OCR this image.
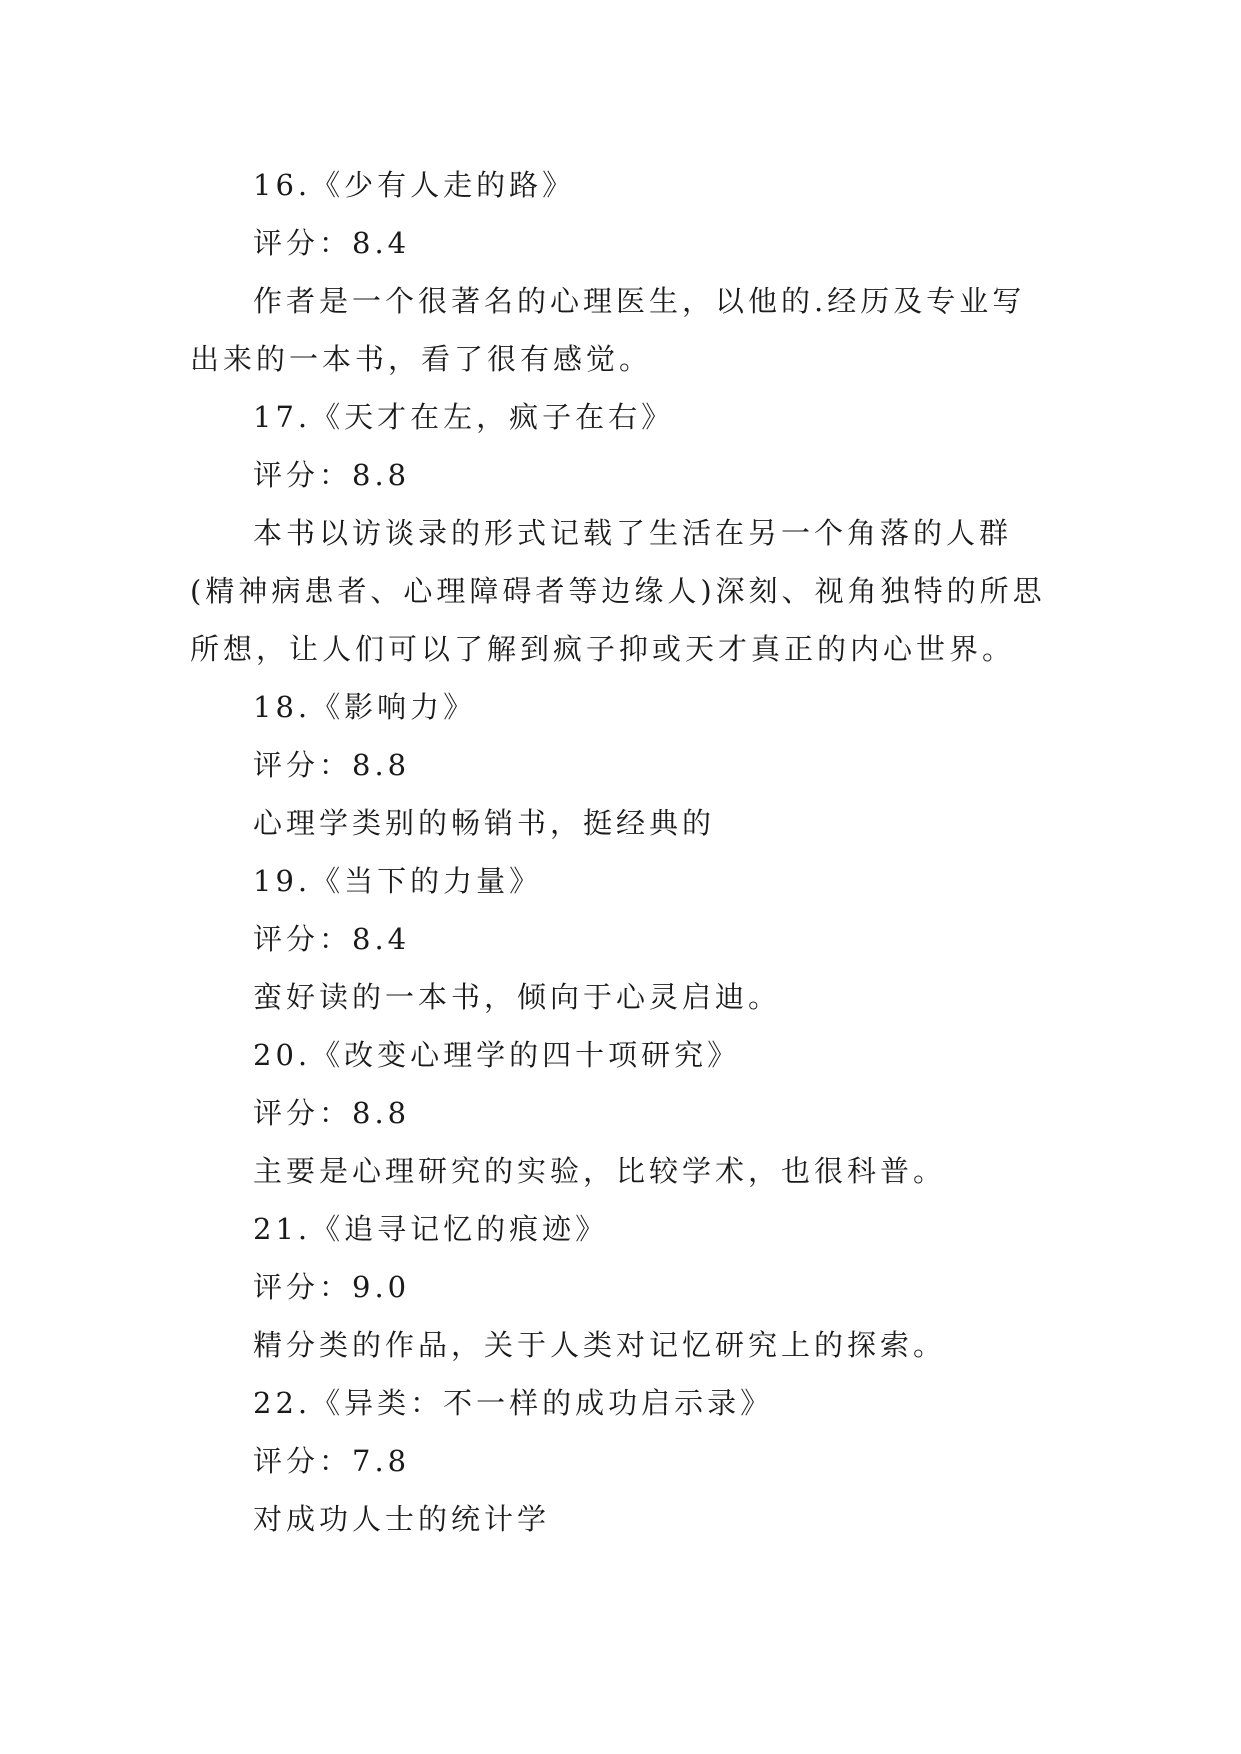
16.《少有人走的路》
评分：8.4
作者是一个很著名的心理医生，以他的.经历及专业写
出来的一本书，看了很有感觉。
17.《天才在左，疯子在右》
评分：8.8
本书以访谈录的形式记载了生活在另一个角落的人群
(精神病患者、心理障碍者等边缘人)深刻、视角独特的所思
所想，让人们可以了解到疯子抑或天才真正的内心世界。
18.《影响力》
评分：8.8
心理学类别的畅销书，挺经典的
19.《当下的力量》
评分：8.4
蛮好读的一本书，倾向于心灵启迪。
20.《改变心理学的四十项研究》
评分：8.8
主要是心理研究的实验，比较学术，也很科普。
21.《追寻记忆的痕迹》
评分：9.0
精分类的作品，关于人类对记忆研究上的探索。
22.《异类：不一样的成功启示录》
评分：7.8
对成功人士的统计学
